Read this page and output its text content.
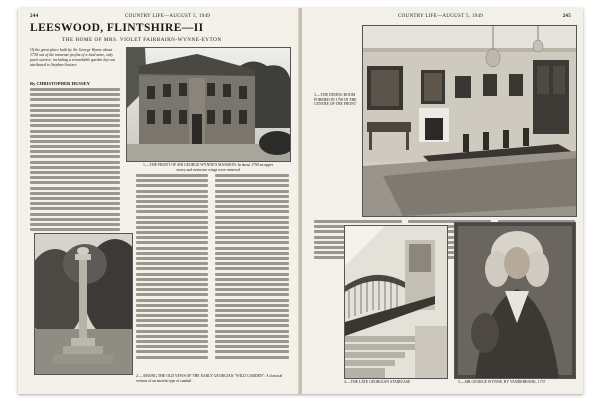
244	COUNTRY LIFE—AUGUST 5, 1949
LEESWOOD, FLINTSHIRE—II
THE HOME OF MRS. VIOLET FAIRBAIRN-WYNNE-EYTON
Of the great place built by Sir George Wynne about 1730 out of the immense profits of a lead mine, only parts survive, including a remarkable garden lay-out attributed to Stephen Switzer.
By CHRISTOPHER HUSSEY
1.—THE FRONT OF SIR GEORGE WYNNE'S MANSION. In about 1790 an upper storey and extensive wings were removed
2.—AMONG THE OLD YEWS OF THE EARLY GEORGIAN "WILD GARDEN": A classical version of an ancient type of sundial
COUNTRY LIFE—AUGUST 5, 1949	245
3.—THE DINING-ROOM FORMED IN 1790 IN THE CENTRE OF THE FRONT
4.—THE LATE GEORGIAN STAIRCASE	5.—SIR GEORGE WYNNE, BY VANDERBANK, 1737
